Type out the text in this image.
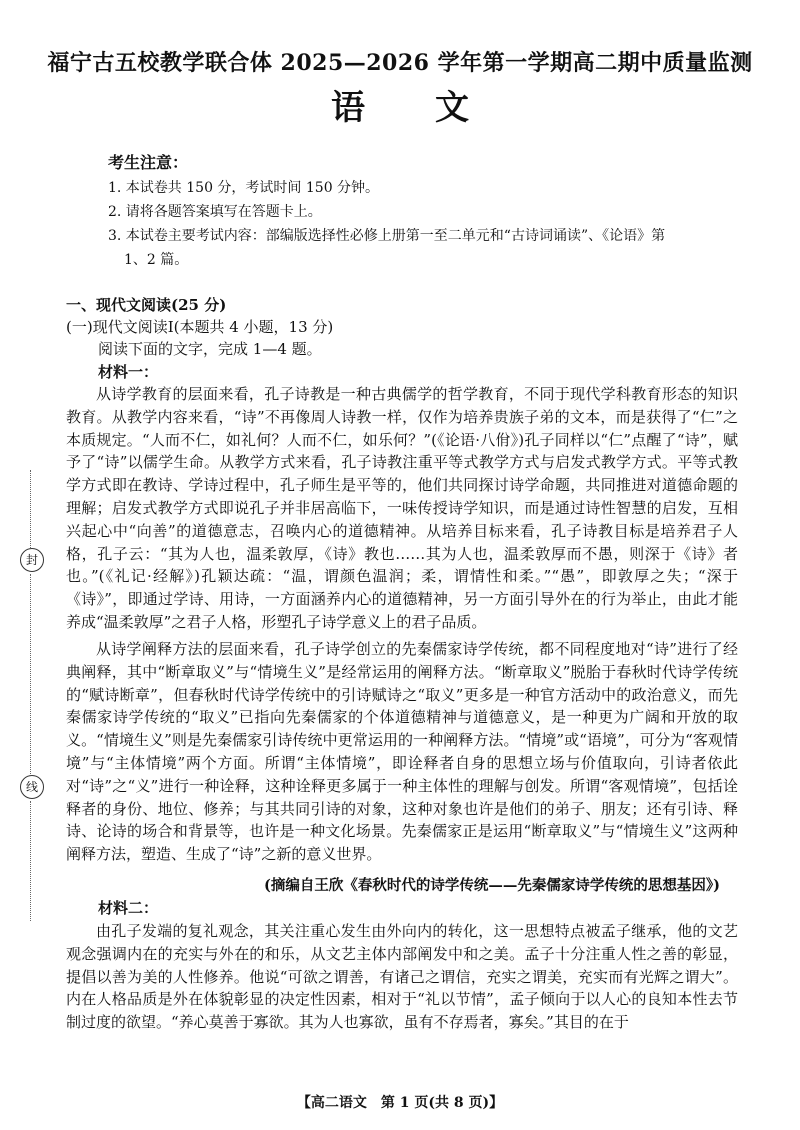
福宁古五校教学联合体 2025—2026 学年第一学期高二期中质量监测
语 文
考生注意：
1. 本试卷共 150 分，考试时间 150 分钟。
2. 请将各题答案填写在答题卡上。
3. 本试卷主要考试内容：部编版选择性必修上册第一至二单元和“古诗词诵读”、《论语》第
1、2 篇。
一、现代文阅读(25 分)
(一)现代文阅读Ⅰ(本题共 4 小题，13 分)
阅读下面的文字，完成 1—4 题。
材料一：
从诗学教育的层面来看，孔子诗教是一种古典儒学的哲学教育，不同于现代学科教育形态的知识教育。从教学内容来看，“诗”不再像周人诗教一样，仅作为培养贵族子弟的文本，而是获得了“仁”之本质规定。“人而不仁，如礼何？人而不仁，如乐何？”(《论语·八佾》)孔子同样以“仁”点醒了“诗”，赋予了“诗”以儒学生命。从教学方式来看，孔子诗教注重平等式教学方式与启发式教学方式。平等式教学方式即在教诗、学诗过程中，孔子师生是平等的，他们共同探讨诗学命题，共同推进对道德命题的理解；启发式教学方式即说孔子并非居高临下，一味传授诗学知识，而是通过诗性智慧的启发，互相兴起心中“向善”的道德意志，召唤内心的道德精神。从培养目标来看，孔子诗教目标是培养君子人格，孔子云：“其为人也，温柔敦厚，《诗》教也……其为人也，温柔敦厚而不愚，则深于《诗》者也。”(《礼记·经解》)孔颖达疏：“温，谓颜色温润；柔，谓情性和柔。”“愚”，即敦厚之失；“深于《诗》”，即通过学诗、用诗，一方面涵养内心的道德精神，另一方面引导外在的行为举止，由此才能养成“温柔敦厚”之君子人格，形塑孔子诗学意义上的君子品质。
从诗学阐释方法的层面来看，孔子诗学创立的先秦儒家诗学传统，都不同程度地对“诗”进行了经典阐释，其中“断章取义”与“情境生义”是经常运用的阐释方法。“断章取义”脱胎于春秋时代诗学传统的“赋诗断章”，但春秋时代诗学传统中的引诗赋诗之“取义”更多是一种官方活动中的政治意义，而先秦儒家诗学传统的“取义”已指向先秦儒家的个体道德精神与道德意义，是一种更为广阔和开放的取义。“情境生义”则是先秦儒家引诗传统中更常运用的一种阐释方法。“情境”或“语境”，可分为“客观情境”与“主体情境”两个方面。所谓“主体情境”，即诠释者自身的思想立场与价值取向，引诗者依此对“诗”之“义”进行一种诠释，这种诠释更多属于一种主体性的理解与创发。所谓“客观情境”，包括诠释者的身份、地位、修养；与其共同引诗的对象，这种对象也许是他们的弟子、朋友；还有引诗、释诗、论诗的场合和背景等，也许是一种文化场景。先秦儒家正是运用“断章取义”与“情境生义”这两种阐释方法，塑造、生成了“诗”之新的意义世界。
(摘编自王欣《春秋时代的诗学传统——先秦儒家诗学传统的思想基因》)
材料二：
由孔子发端的复礼观念，其关注重心发生由外向内的转化，这一思想特点被孟子继承，他的文艺观念强调内在的充实与外在的和乐，从文艺主体内部阐发中和之美。孟子十分注重人性之善的彰显，提倡以善为美的人性修养。他说“可欲之谓善，有诸己之谓信，充实之谓美，充实而有光辉之谓大”。内在人格品质是外在体貌彰显的决定性因素，相对于“礼以节情”，孟子倾向于以人心的良知本性去节制过度的欲望。“养心莫善于寡欲。其为人也寡欲，虽有不存焉者，寡矣。”其目的在于
封
线
【高二语文　第 1 页(共 8 页)】
